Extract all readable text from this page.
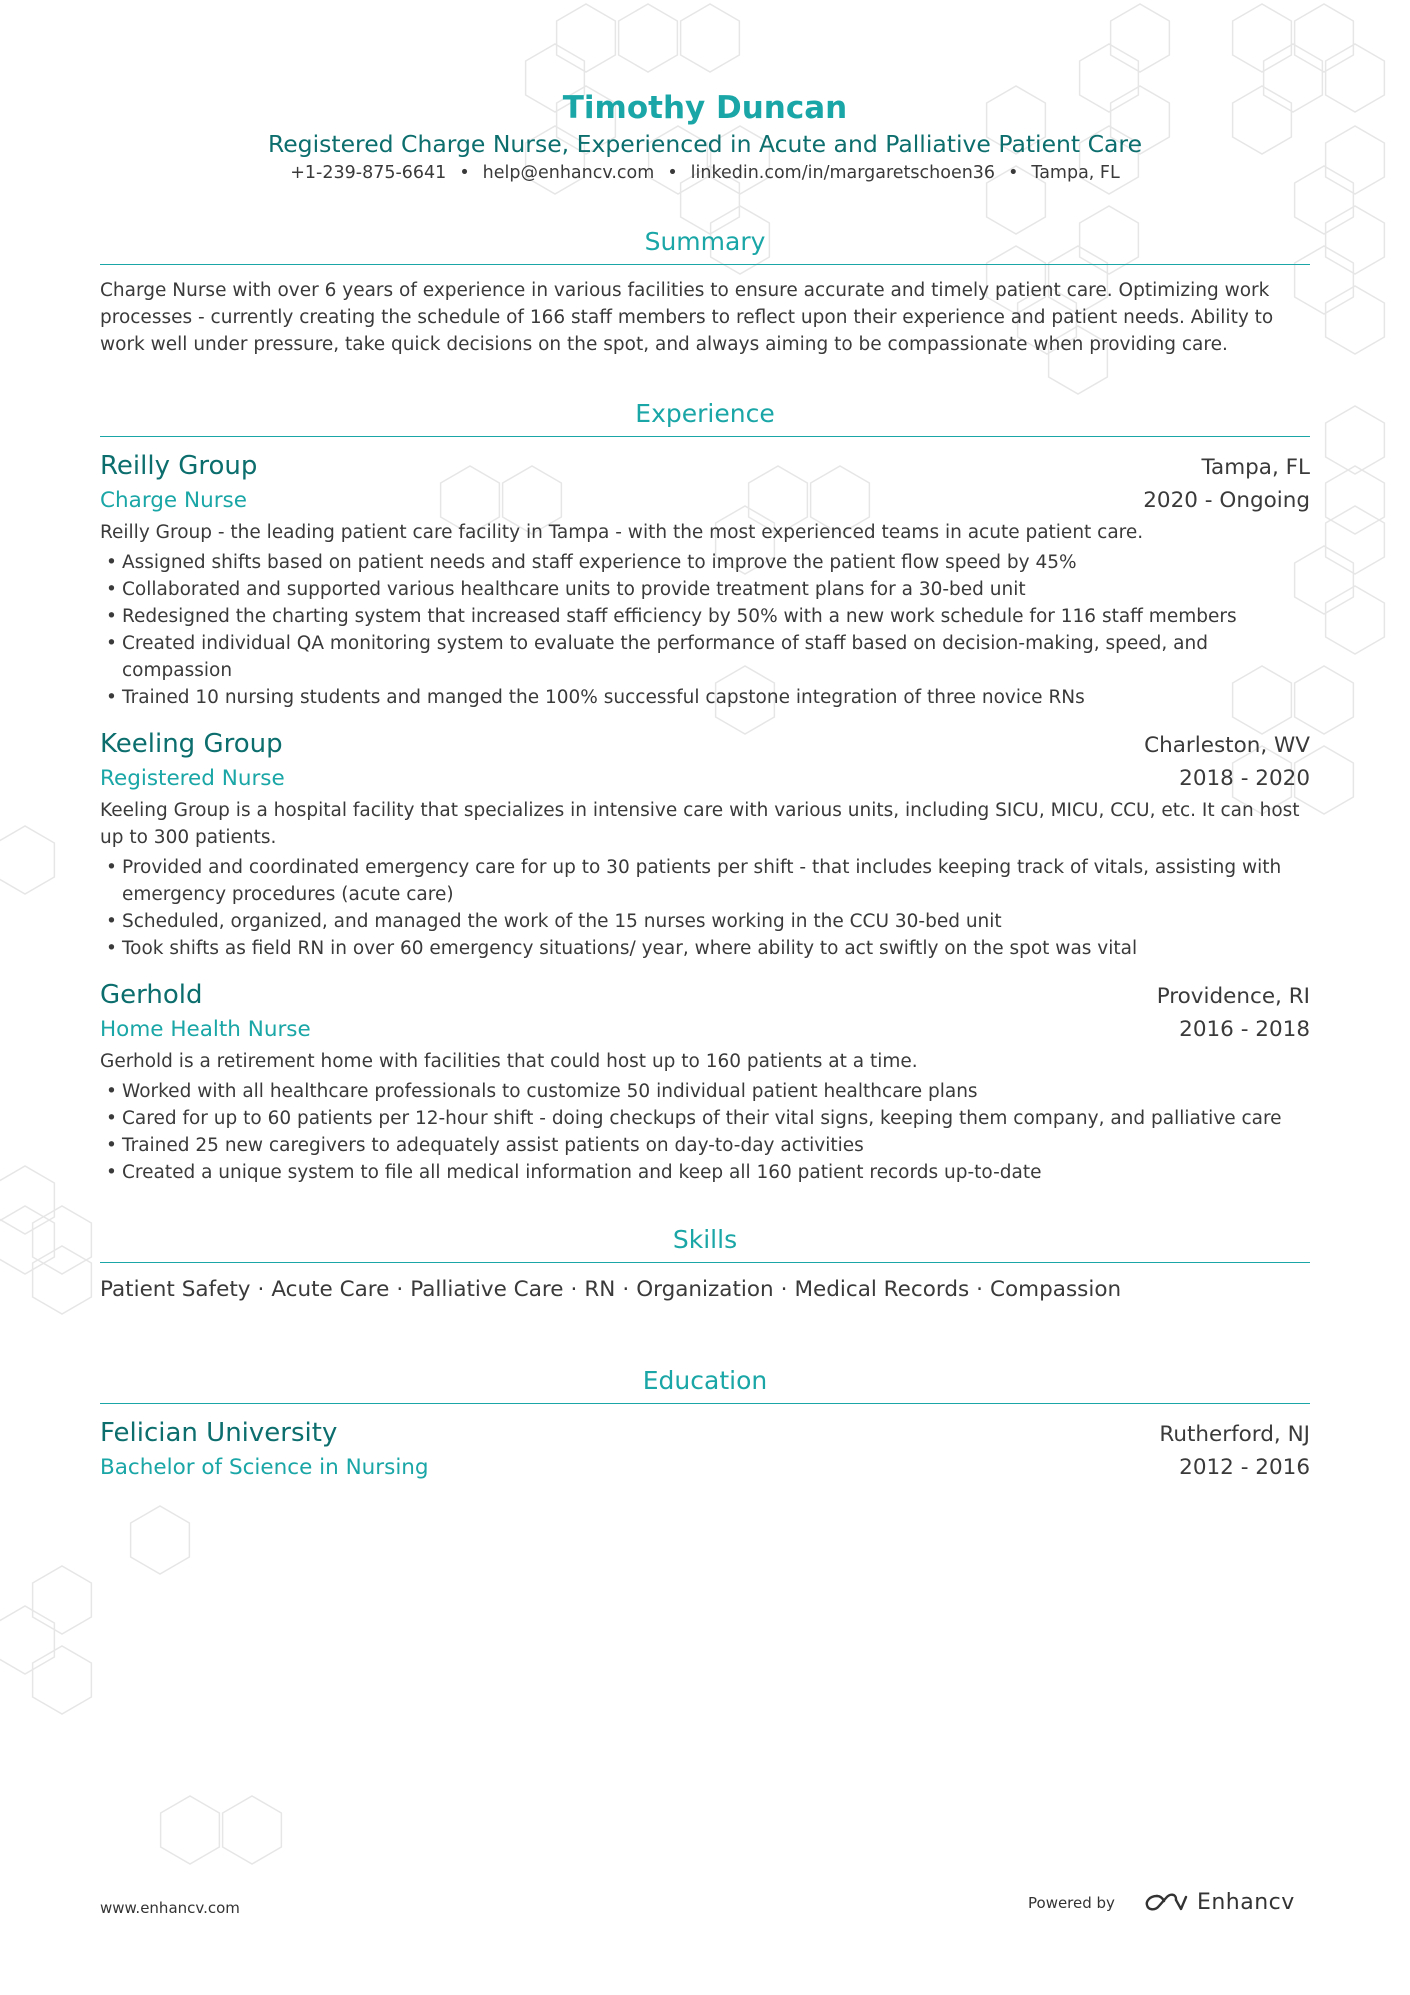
Timothy Duncan
Registered Charge Nurse, Experienced in Acute and Palliative Patient Care
+1-239-875-6641 • help@enhancv.com • linkedin.com/in/margaretschoen36 • Tampa, FL
Summary
Charge Nurse with over 6 years of experience in various facilities to ensure accurate and timely patient care. Optimizing work processes - currently creating the schedule of 166 staff members to reflect upon their experience and patient needs. Ability to work well under pressure, take quick decisions on the spot, and always aiming to be compassionate when providing care.
Experience
Reilly Group	Tampa, FL
Charge Nurse	2020 - Ongoing
Reilly Group - the leading patient care facility in Tampa - with the most experienced teams in acute patient care.
• Assigned shifts based on patient needs and staff experience to improve the patient flow speed by 45%
• Collaborated and supported various healthcare units to provide treatment plans for a 30-bed unit
• Redesigned the charting system that increased staff efficiency by 50% with a new work schedule for 116 staff members
• Created individual QA monitoring system to evaluate the performance of staff based on decision-making, speed, and compassion
• Trained 10 nursing students and manged the 100% successful capstone integration of three novice RNs
Keeling Group	Charleston, WV
Registered Nurse	2018 - 2020
Keeling Group is a hospital facility that specializes in intensive care with various units, including SICU, MICU, CCU, etc. It can host up to 300 patients.
• Provided and coordinated emergency care for up to 30 patients per shift - that includes keeping track of vitals, assisting with emergency procedures (acute care)
• Scheduled, organized, and managed the work of the 15 nurses working in the CCU 30-bed unit
• Took shifts as field RN in over 60 emergency situations/ year, where ability to act swiftly on the spot was vital
Gerhold	Providence, RI
Home Health Nurse	2016 - 2018
Gerhold is a retirement home with facilities that could host up to 160 patients at a time.
• Worked with all healthcare professionals to customize 50 individual patient healthcare plans
• Cared for up to 60 patients per 12-hour shift - doing checkups of their vital signs, keeping them company, and palliative care
• Trained 25 new caregivers to adequately assist patients on day-to-day activities
• Created a unique system to file all medical information and keep all 160 patient records up-to-date
Skills
Patient Safety · Acute Care · Palliative Care · RN · Organization · Medical Records · Compassion
Education
Felician University	Rutherford, NJ
Bachelor of Science in Nursing	2012 - 2016
www.enhancv.com	Powered by	Enhancv
